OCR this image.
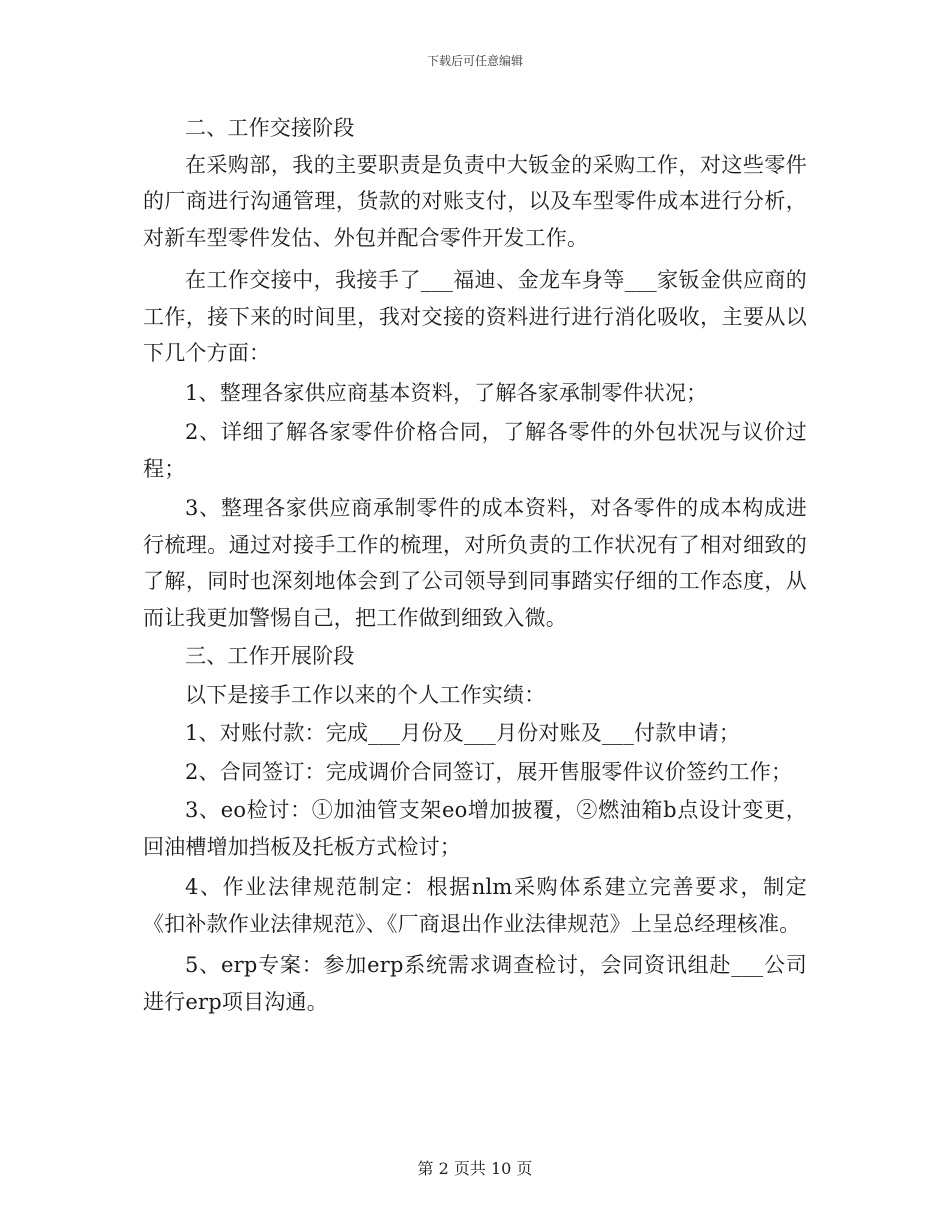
下载后可任意编辑

二、工作交接阶段

在采购部，我的主要职责是负责中大钣金的采购工作，对这些零件的厂商进行沟通管理，货款的对账支付，以及车型零件成本进行分析，对新车型零件发估、外包并配合零件开发工作。

在工作交接中，我接手了___福迪、金龙车身等___家钣金供应商的工作，接下来的时间里，我对交接的资料进行进行消化吸收，主要从以下几个方面：

1、整理各家供应商基本资料，了解各家承制零件状况；

2、详细了解各家零件价格合同，了解各零件的外包状况与议价过程；

3、整理各家供应商承制零件的成本资料，对各零件的成本构成进行梳理。通过对接手工作的梳理，对所负责的工作状况有了相对细致的了解，同时也深刻地体会到了公司领导到同事踏实仔细的工作态度，从而让我更加警惕自己，把工作做到细致入微。

三、工作开展阶段

以下是接手工作以来的个人工作实绩：

1、对账付款：完成___月份及___月份对账及___付款申请；

2、合同签订：完成调价合同签订，展开售服零件议价签约工作；

3、eo检讨：①加油管支架eo增加披覆，②燃油箱b点设计变更，回油槽增加挡板及托板方式检讨；

4、作业法律规范制定：根据nlm采购体系建立完善要求，制定《扣补款作业法律规范》、《厂商退出作业法律规范》上呈总经理核准。

5、erp专案：参加erp系统需求调查检讨，会同资讯组赴___公司进行erp项目沟通。

第 2 页共 10 页
